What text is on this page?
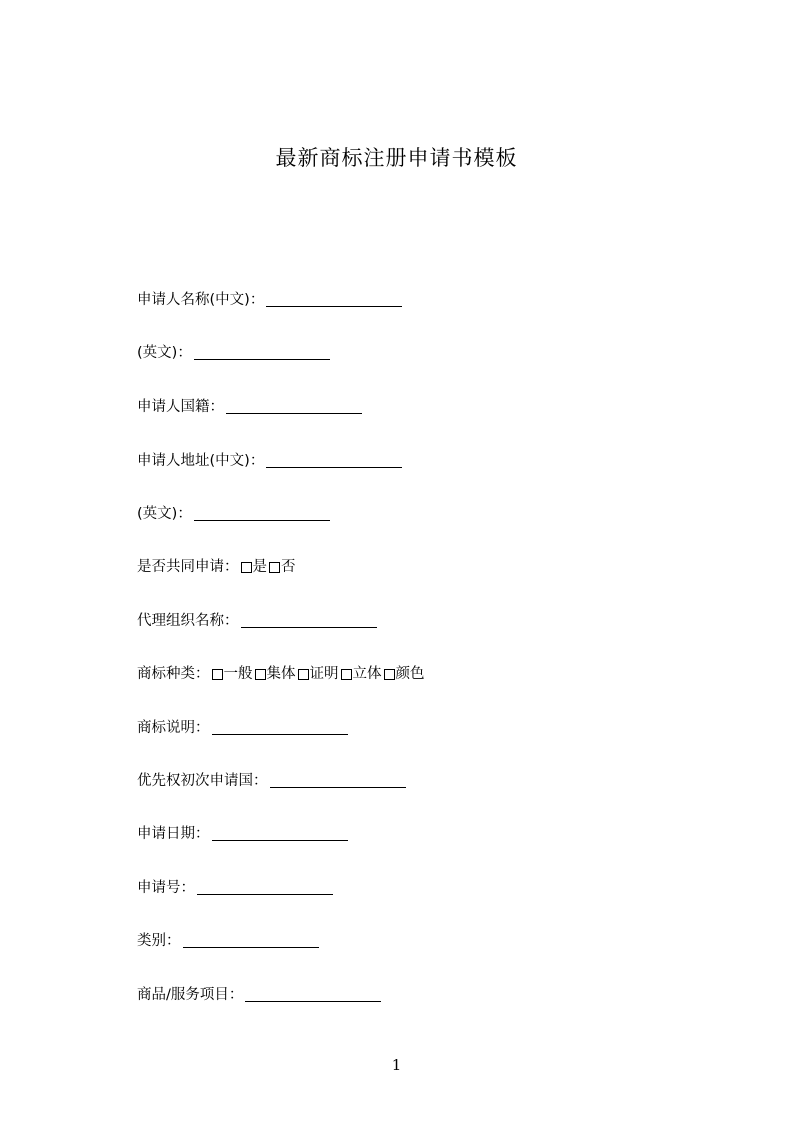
最新商标注册申请书模板
申请人名称(中文)：
(英文)：
申请人国籍：
申请人地址(中文)：
(英文)：
是否共同申请： 是 否
代理组织名称：
商标种类： 一般 集体 证明 立体 颜色
商标说明：
优先权初次申请国：
申请日期：
申请号：
类别：
商品/服务项目：
1
